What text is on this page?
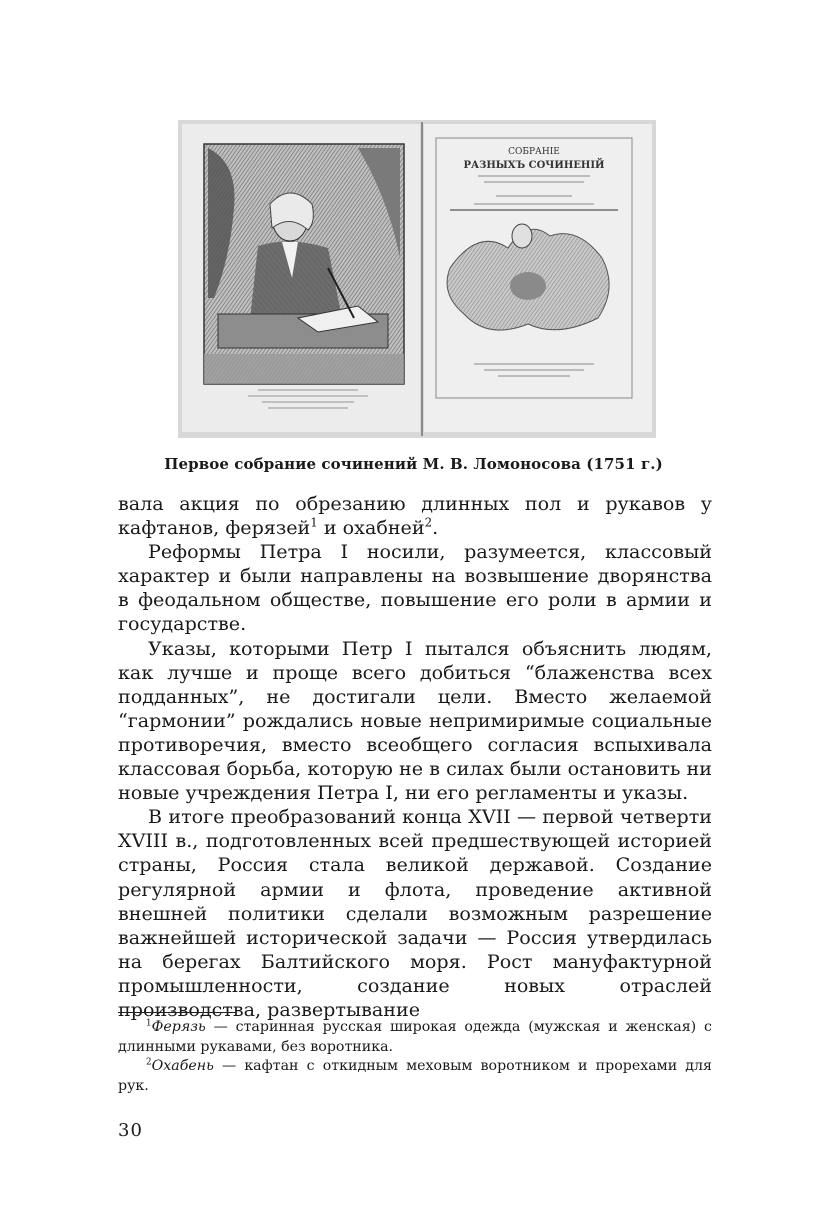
СОБРАНІЕ
РАЗНЫХЪ СОЧИНЕНІЙ
Первое собрание сочинений М. В. Ломоносова (1751 г.)

вала акция по обрезанию длинных пол и рукавов у кафтанов, ферязей$^1$ и охабней$^2$.

Реформы Петра I носили, разумеется, классовый характер и были направлены на возвышение дворянства в феодальном обществе, повышение его роли в армии и государстве.

Указы, которыми Петр I пытался объяснить людям, как лучше и проще всего добиться “блаженства всех подданных”, не достигали цели. Вместо желаемой “гармонии” рождались новые непримиримые социальные противоречия, вместо всеобщего согласия вспыхивала классовая борьба, которую не в силах были остановить ни новые учреждения Петра I, ни его регламенты и указы.

В итоге преобразований конца XVII — первой четверти XVIII в., подготовленных всей предшествующей историей страны, Россия стала великой державой. Создание регулярной армии и флота, проведение активной внешней политики сделали возможным разрешение важнейшей исторической задачи — Россия утвердилась на берегах Балтийского моря. Рост мануфактурной промышленности, создание новых отраслей производства, развертывание

$^1$Ферязь — старинная русская широкая одежда (мужская и женская) с длинными рукавами, без воротника.

$^2$Охабень — кафтан с откидным меховым воротником и прорехами для рук.

30
